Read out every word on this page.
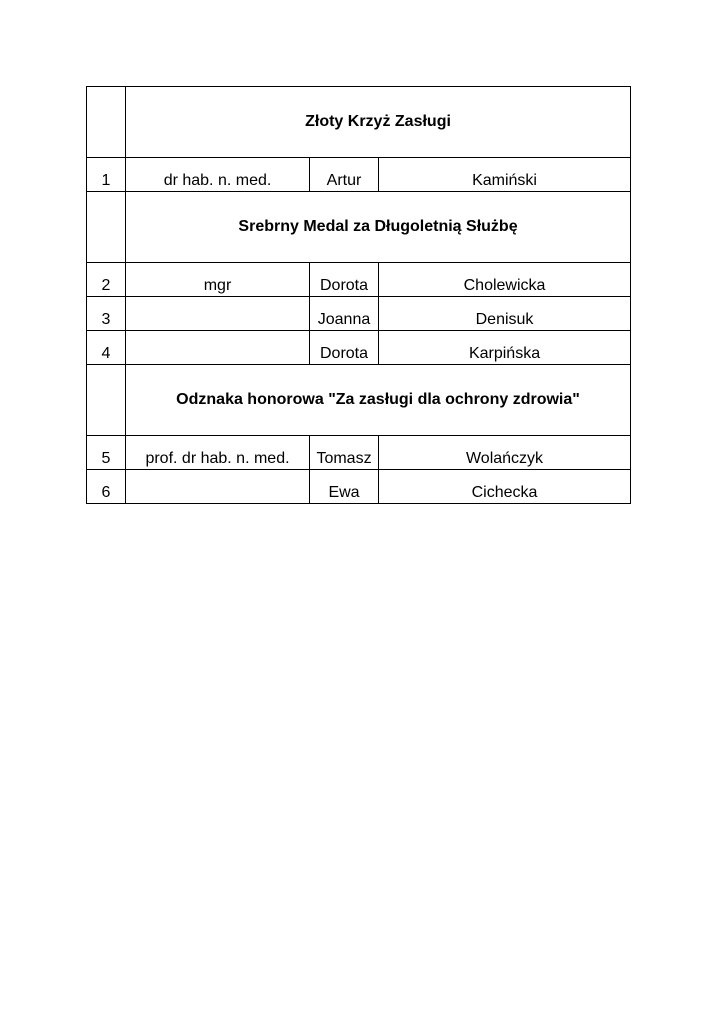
	Złoty Krzyż Zasługi		
1	dr hab. n. med.	Artur	Kamiński
	Srebrny Medal za Długoletnią Służbę		
2	mgr	Dorota	Cholewicka
3		Joanna	Denisuk
4		Dorota	Karpińska
	Odznaka honorowa "Za zasługi dla ochrony zdrowia"		
5	prof. dr hab. n. med.	Tomasz	Wolańczyk
6		Ewa	Cichecka
